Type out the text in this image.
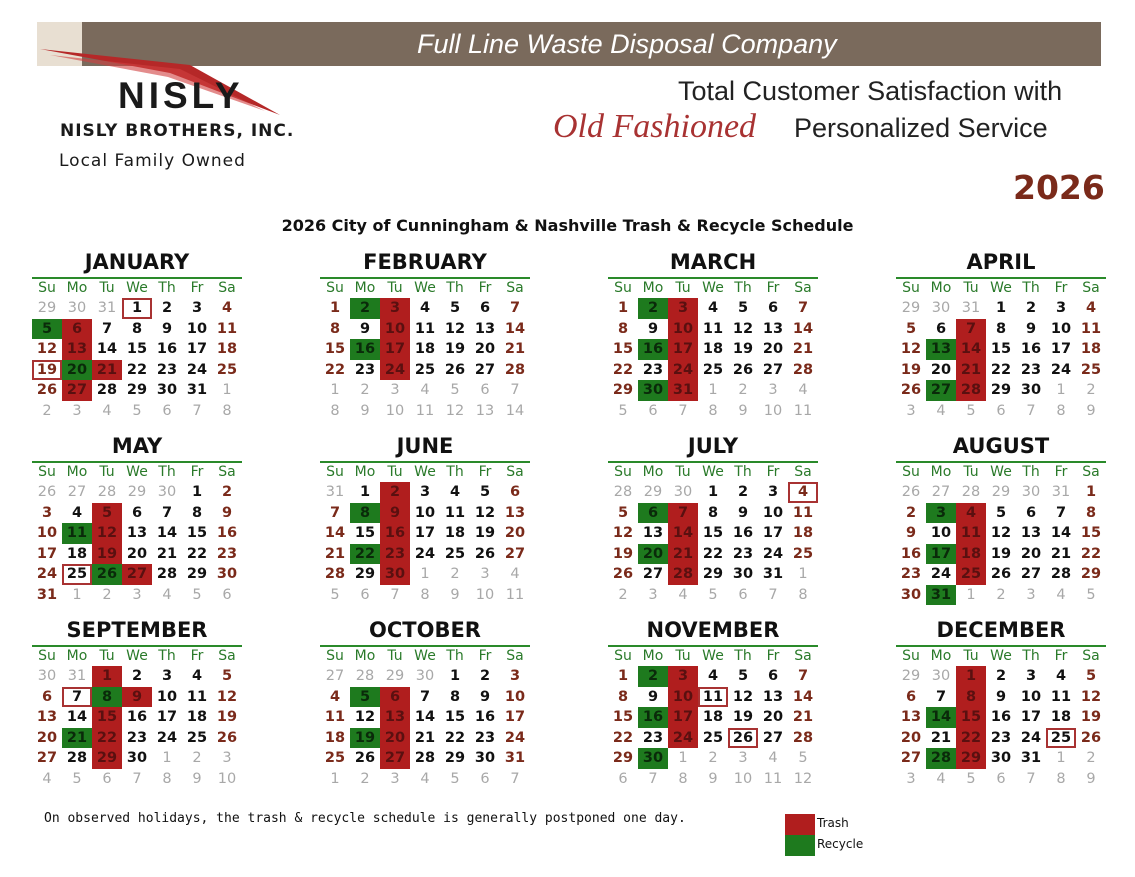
Full Line Waste Disposal Company
NISLY
NISLY BROTHERS, INC.
Local Family Owned
Total Customer Satisfaction with
Old Fashioned Personalized Service
2026
2026 City of Cunningham & Nashville Trash & Recycle Schedule
JANUARY
Su Mo Tu We Th	Fr	Sa
29 30 31	1	2	3	4
5	6	7	8	9	10 11
12 13 14 15 16 17 18
19 20 21 22 23 24 25
26 27 28 29 30 31	1
2	3	4	5	6	7	8
FEBRUARY
Su Mo Tu We Th	Fr	Sa
1	2	3	4	5	6	7
8	9	10 11 12 13 14
15 16 17 18 19 20 21
22 23 24 25 26 27 28
1	2	3	4	5	6	7
8	9	10 11 12 13 14
MARCH
Su Mo Tu We Th	Fr	Sa
1	2	3	4	5	6	7
8	9	10 11 12 13 14
15 16 17 18 19 20 21
22 23 24 25 26 27 28
29 30 31	1	2	3	4
5	6	7	8	9	10 11
APRIL
Su Mo Tu We Th	Fr	Sa
29 30 31	1	2	3	4
5	6	7	8	9	10 11
12 13 14 15 16 17 18
19 20 21 22 23 24 25
26 27 28 29 30	1	2
3	4	5	6	7	8	9
MAY
Su Mo Tu We Th	Fr	Sa
26 27 28 29 30	1	2
3	4	5	6	7	8	9
10 11 12 13 14 15 16
17 18 19 20 21 22 23
24 25 26 27 28 29 30
31	1	2	3	4	5	6
JUNE
Su Mo Tu We Th	Fr	Sa
31	1	2	3	4	5	6
7	8	9	10 11 12 13
14 15 16 17 18 19 20
21 22 23 24 25 26 27
28 29 30	1	2	3	4
5	6	7	8	9	10 11
JULY
Su Mo Tu We Th	Fr	Sa
28 29 30	1	2	3	4
5	6	7	8	9	10 11
12 13 14 15 16 17 18
19 20 21 22 23 24 25
26 27 28 29 30 31	1
2	3	4	5	6	7	8
AUGUST
Su Mo Tu We Th	Fr	Sa
26 27 28 29 30 31	1
2	3	4	5	6	7	8
9	10 11 12 13 14 15
16 17 18 19 20 21 22
23 24 25 26 27 28 29
30 31	1	2	3	4	5
SEPTEMBER
Su Mo Tu We Th	Fr	Sa
30 31	1	2	3	4	5
6	7	8	9	10 11 12
13 14 15 16 17 18 19
20 21 22 23 24 25 26
27 28 29 30	1	2	3
4	5	6	7	8	9	10
OCTOBER
Su Mo Tu We Th	Fr	Sa
27 28 29 30	1	2	3
4	5	6	7	8	9	10
11 12 13 14 15 16 17
18 19 20 21 22 23 24
25 26 27 28 29 30 31
1	2	3	4	5	6	7
NOVEMBER
Su Mo Tu We Th	Fr	Sa
1	2	3	4	5	6	7
8	9	10 11 12 13 14
15 16 17 18 19 20 21
22 23 24 25 26 27 28
29 30	1	2	3	4	5
6	7	8	9	10 11 12
DECEMBER
Su Mo Tu We Th	Fr	Sa
29 30	1	2	3	4	5
6	7	8	9	10 11 12
13 14 15 16 17 18 19
20 21 22 23 24 25 26
27 28 29 30 31	1	2
3	4	5	6	7	8	9
On observed holidays, the trash & recycle schedule is generally postponed one day.	Trash
Recycle
